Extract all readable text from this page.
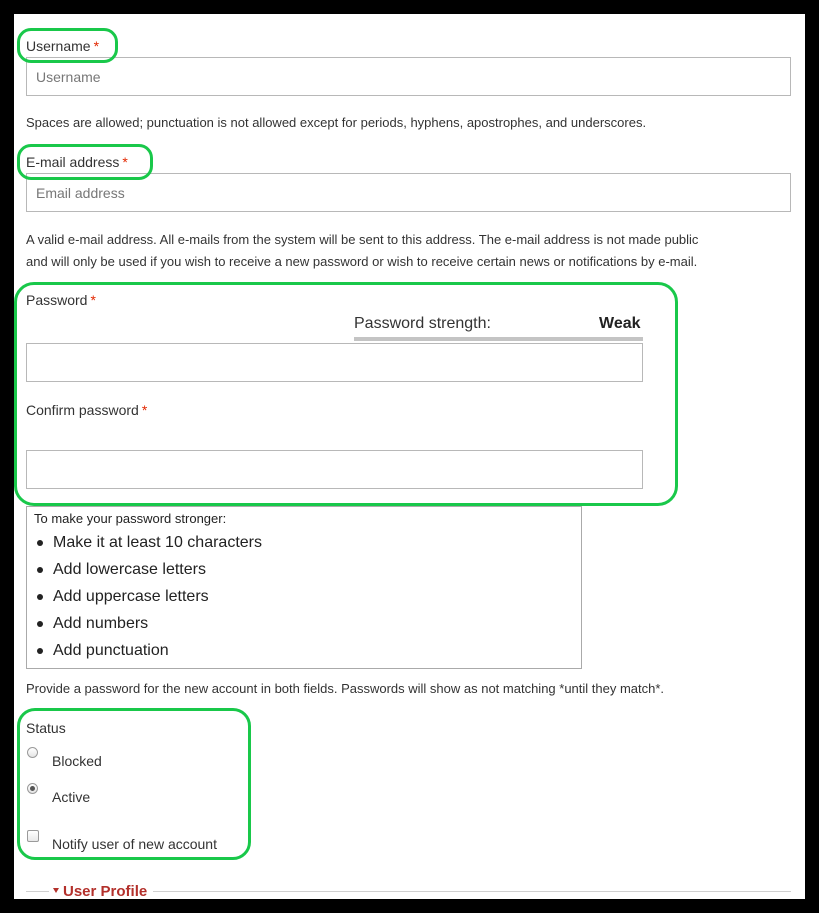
Username *
Username
Spaces are allowed; punctuation is not allowed except for periods, hyphens, apostrophes, and underscores.
E-mail address *
Email address
A valid e-mail address. All e-mails from the system will be sent to this address. The e-mail address is not made public
and will only be used if you wish to receive a new password or wish to receive certain news or notifications by e-mail.
Password *
Password strength:	Weak
Confirm password *
To make your password stronger:
Make it at least 10 characters
Add lowercase letters
Add uppercase letters
Add numbers
Add punctuation
Provide a password for the new account in both fields. Passwords will show as not matching *until they match*.
Status
Blocked
Active
Notify user of new account
User Profile
